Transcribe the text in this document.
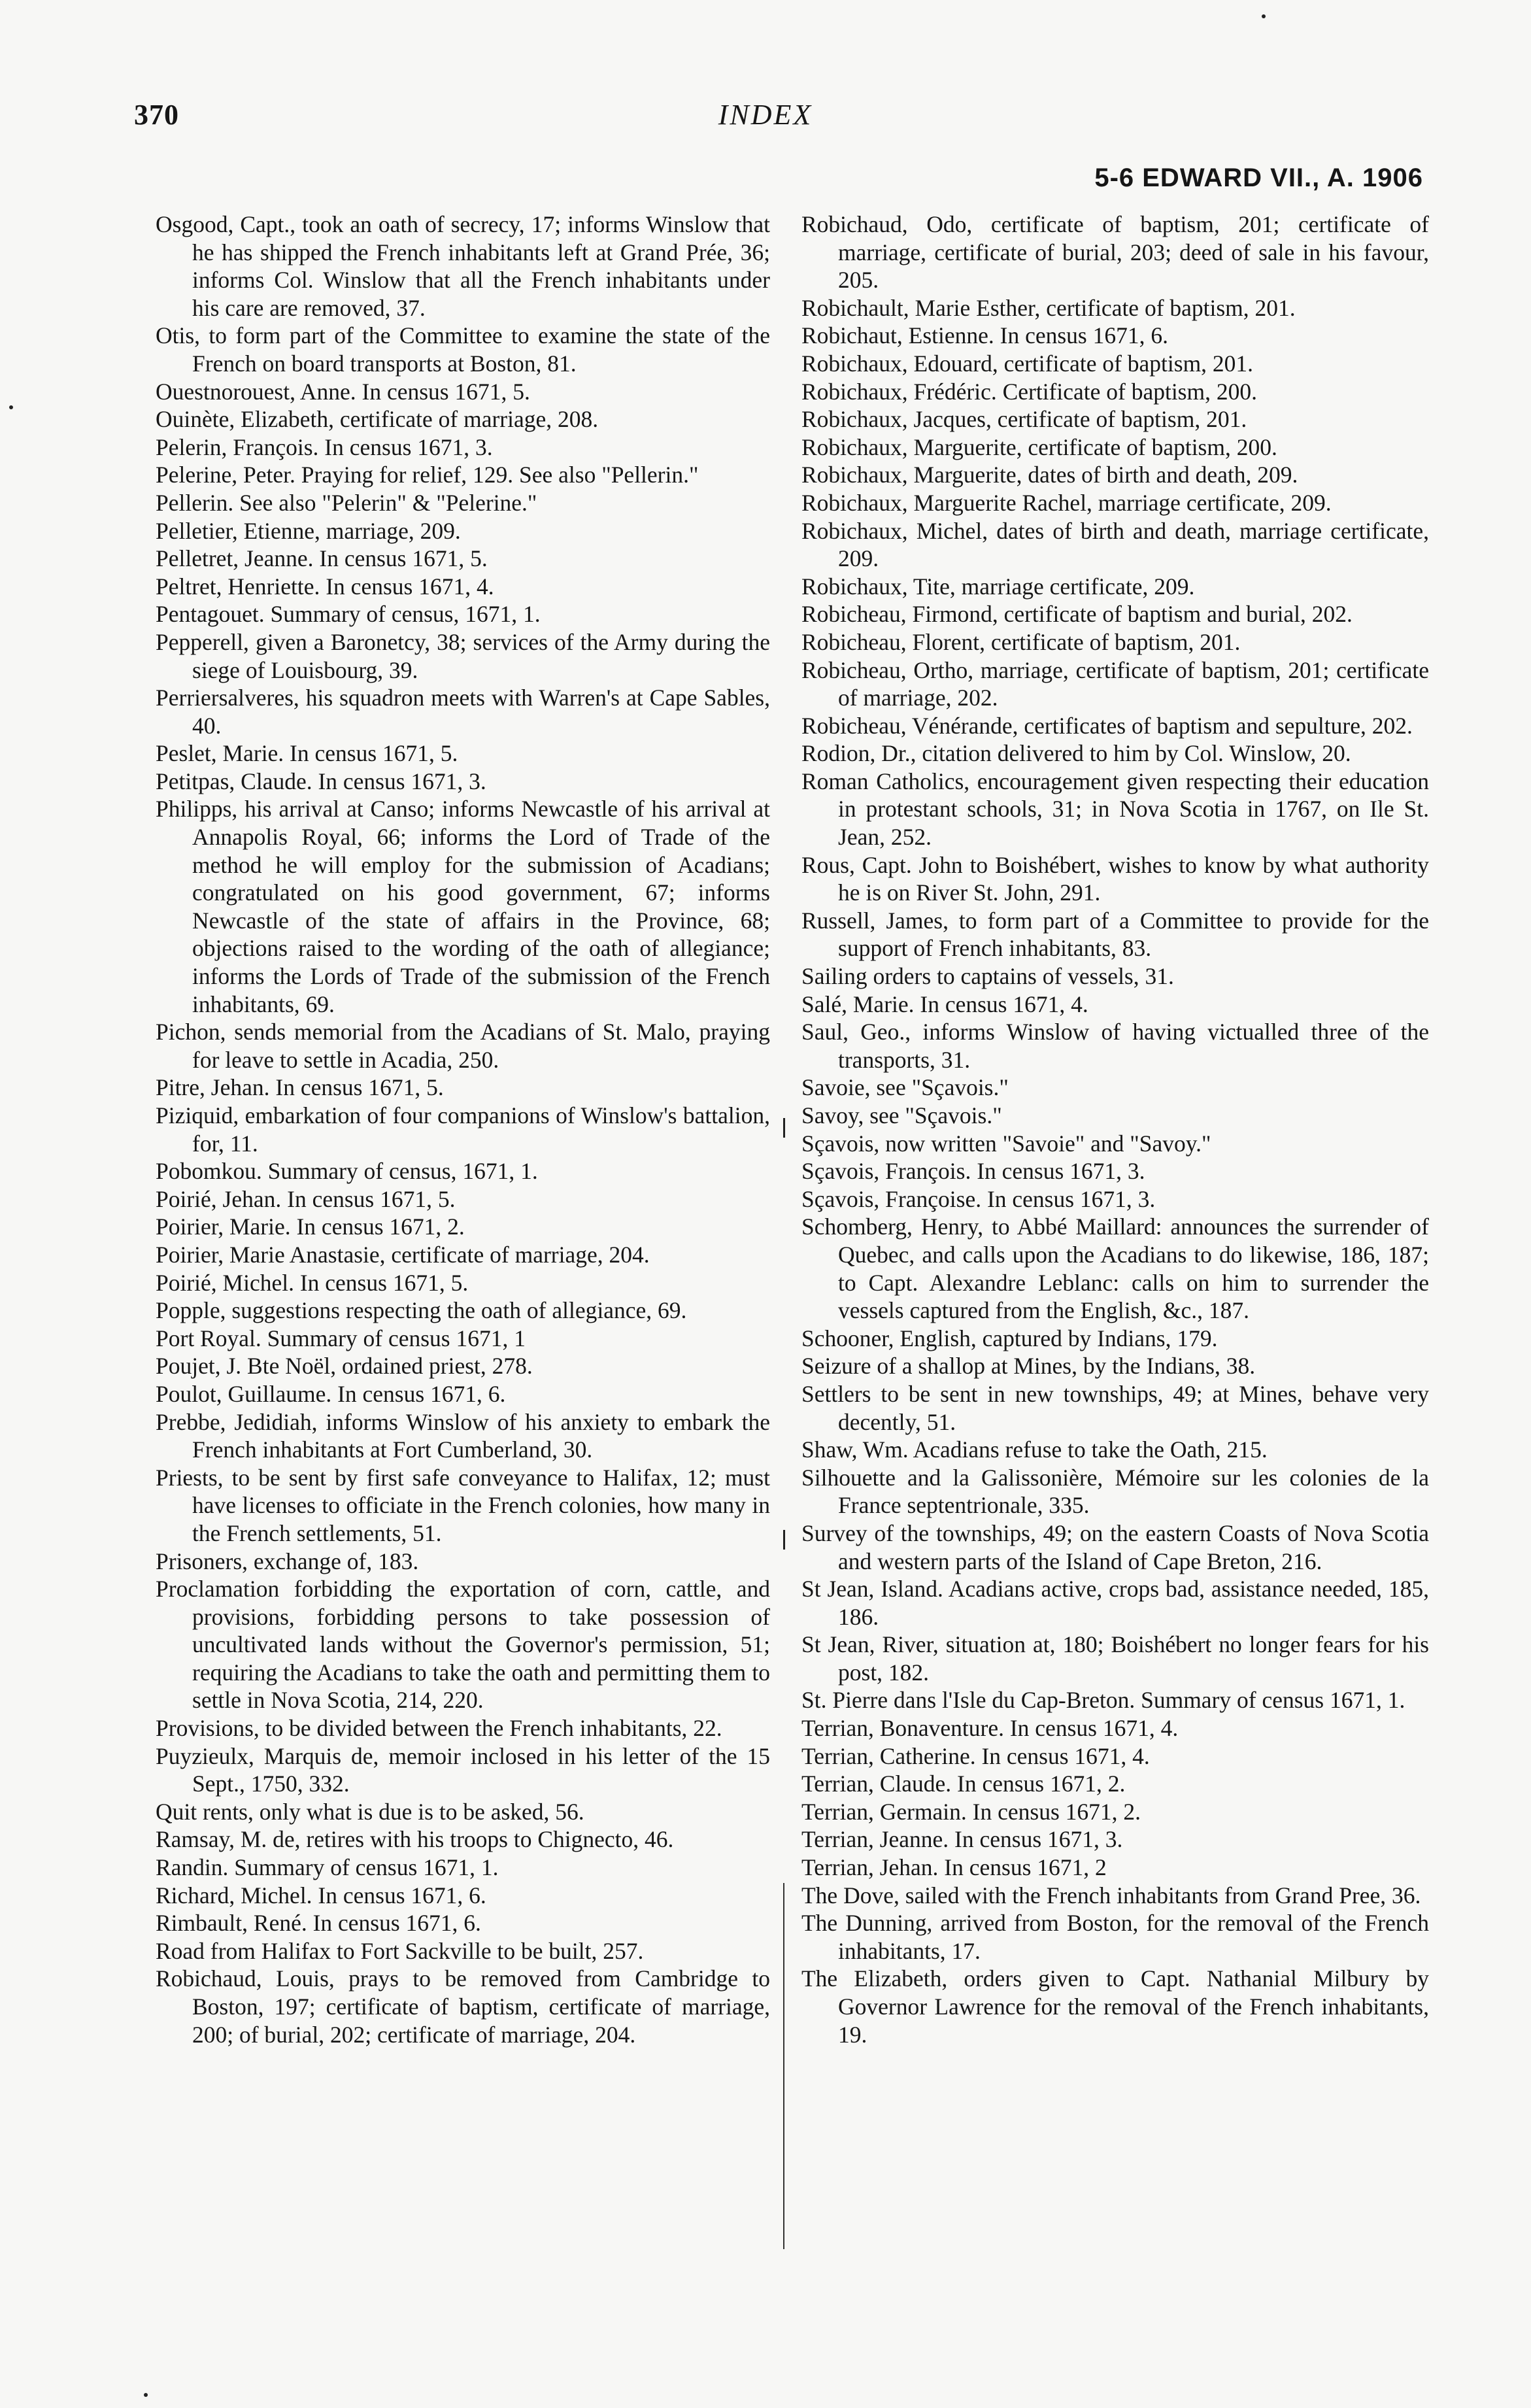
370	INDEX
5-6 EDWARD VII., A. 1906

Osgood, Capt., took an oath of secrecy, 17; informs Winslow that he has shipped the French inhabitants left at Grand Prée, 36; informs Col. Winslow that all the French inhabitants under his care are removed, 37.

Otis, to form part of the Committee to examine the state of the French on board transports at Boston, 81.

Ouestnorouest, Anne. In census 1671, 5.

Ouinète, Elizabeth, certificate of marriage, 208.

Pelerin, François. In census 1671, 3.

Pelerine, Peter. Praying for relief, 129. See also "Pellerin."

Pellerin. See also "Pelerin" & "Pelerine."

Pelletier, Etienne, marriage, 209.

Pelletret, Jeanne. In census 1671, 5.

Peltret, Henriette. In census 1671, 4.

Pentagouet. Summary of census, 1671, 1.

Pepperell, given a Baronetcy, 38; services of the Army during the siege of Louisbourg, 39.

Perriersalveres, his squadron meets with Warren's at Cape Sables, 40.

Peslet, Marie. In census 1671, 5.

Petitpas, Claude. In census 1671, 3.

Philipps, his arrival at Canso; informs Newcastle of his arrival at Annapolis Royal, 66; informs the Lord of Trade of the method he will employ for the submission of Acadians; congratulated on his good government, 67; informs Newcastle of the state of affairs in the Province, 68; objections raised to the wording of the oath of allegiance; informs the Lords of Trade of the submission of the French inhabitants, 69.

Pichon, sends memorial from the Acadians of St. Malo, praying for leave to settle in Acadia, 250.

Pitre, Jehan. In census 1671, 5.

Piziquid, embarkation of four companions of Winslow's battalion, for, 11.

Pobomkou. Summary of census, 1671, 1.

Poirié, Jehan. In census 1671, 5.

Poirier, Marie. In census 1671, 2.

Poirier, Marie Anastasie, certificate of marriage, 204.

Poirié, Michel. In census 1671, 5.

Popple, suggestions respecting the oath of allegiance, 69.

Port Royal. Summary of census 1671, 1

Poujet, J. Bte Noël, ordained priest, 278.

Poulot, Guillaume. In census 1671, 6.

Prebbe, Jedidiah, informs Winslow of his anxiety to embark the French inhabitants at Fort Cumberland, 30.

Priests, to be sent by first safe conveyance to Halifax, 12; must have licenses to officiate in the French colonies, how many in the French settlements, 51.

Prisoners, exchange of, 183.

Proclamation forbidding the exportation of corn, cattle, and provisions, forbidding persons to take possession of uncultivated lands without the Governor's permission, 51; requiring the Acadians to take the oath and permitting them to settle in Nova Scotia, 214, 220.

Provisions, to be divided between the French inhabitants, 22.

Puyzieulx, Marquis de, memoir inclosed in his letter of the 15 Sept., 1750, 332.

Quit rents, only what is due is to be asked, 56.

Ramsay, M. de, retires with his troops to Chignecto, 46.

Randin. Summary of census 1671, 1.

Richard, Michel. In census 1671, 6.

Rimbault, René. In census 1671, 6.

Road from Halifax to Fort Sackville to be built, 257.

Robichaud, Louis, prays to be removed from Cambridge to Boston, 197; certificate of baptism, certificate of marriage, 200; of burial, 202; certificate of marriage, 204.

Robichaud, Odo, certificate of baptism, 201; certificate of marriage, certificate of burial, 203; deed of sale in his favour, 205.

Robichault, Marie Esther, certificate of baptism, 201.

Robichaut, Estienne. In census 1671, 6.

Robichaux, Edouard, certificate of baptism, 201.

Robichaux, Frédéric. Certificate of baptism, 200.

Robichaux, Jacques, certificate of baptism, 201.

Robichaux, Marguerite, certificate of baptism, 200.

Robichaux, Marguerite, dates of birth and death, 209.

Robichaux, Marguerite Rachel, marriage certificate, 209.

Robichaux, Michel, dates of birth and death, marriage certificate, 209.

Robichaux, Tite, marriage certificate, 209.

Robicheau, Firmond, certificate of baptism and burial, 202.

Robicheau, Florent, certificate of baptism, 201.

Robicheau, Ortho, marriage, certificate of baptism, 201; certificate of marriage, 202.

Robicheau, Vénérande, certificates of baptism and sepulture, 202.

Rodion, Dr., citation delivered to him by Col. Winslow, 20.

Roman Catholics, encouragement given respecting their education in protestant schools, 31; in Nova Scotia in 1767, on Ile St. Jean, 252.

Rous, Capt. John to Boishébert, wishes to know by what authority he is on River St. John, 291.

Russell, James, to form part of a Committee to provide for the support of French inhabitants, 83.

Sailing orders to captains of vessels, 31.

Salé, Marie. In census 1671, 4.

Saul, Geo., informs Winslow of having victualled three of the transports, 31.

Savoie, see "Sçavois."

Savoy, see "Sçavois."

Sçavois, now written "Savoie" and "Savoy."

Sçavois, François. In census 1671, 3.

Sçavois, Françoise. In census 1671, 3.

Schomberg, Henry, to Abbé Maillard: announces the surrender of Quebec, and calls upon the Acadians to do likewise, 186, 187; to Capt. Alexandre Leblanc: calls on him to surrender the vessels captured from the English, &c., 187.

Schooner, English, captured by Indians, 179.

Seizure of a shallop at Mines, by the Indians, 38.

Settlers to be sent in new townships, 49; at Mines, behave very decently, 51.

Shaw, Wm. Acadians refuse to take the Oath, 215.

Silhouette and la Galissonière, Mémoire sur les colonies de la France septentrionale, 335.

Survey of the townships, 49; on the eastern Coasts of Nova Scotia and western parts of the Island of Cape Breton, 216.

St Jean, Island. Acadians active, crops bad, assistance needed, 185, 186.

St Jean, River, situation at, 180; Boishébert no longer fears for his post, 182.

St. Pierre dans l'Isle du Cap-Breton. Summary of census 1671, 1.

Terrian, Bonaventure. In census 1671, 4.

Terrian, Catherine. In census 1671, 4.

Terrian, Claude. In census 1671, 2.

Terrian, Germain. In census 1671, 2.

Terrian, Jeanne. In census 1671, 3.

Terrian, Jehan. In census 1671, 2

The Dove, sailed with the French inhabitants from Grand Pree, 36.

The Dunning, arrived from Boston, for the removal of the French inhabitants, 17.

The Elizabeth, orders given to Capt. Nathanial Milbury by Governor Lawrence for the removal of the French inhabitants, 19.
